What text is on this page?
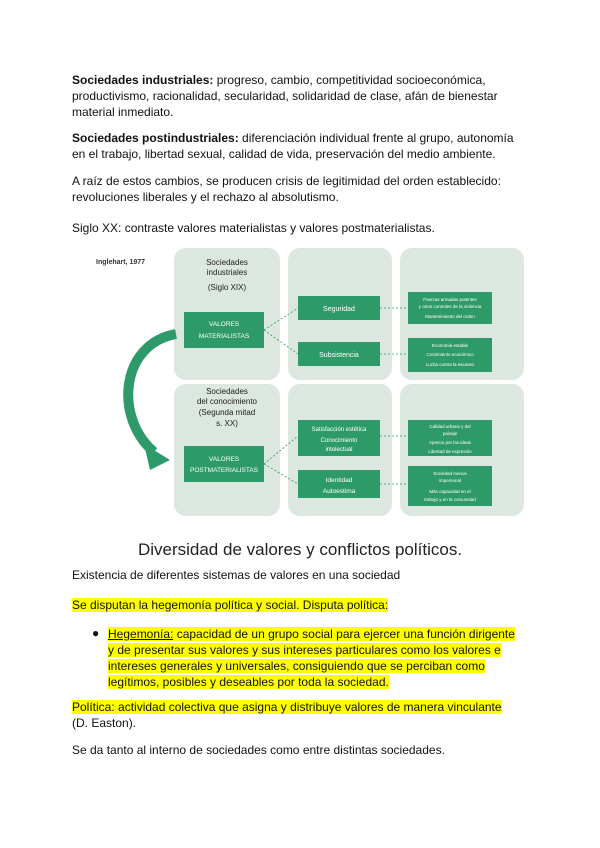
Sociedades industriales: progreso, cambio, competitividad socioeconómica, productivismo, racionalidad, secularidad, solidaridad de clase, afán de bienestar material inmediato.
Sociedades postindustriales: diferenciación individual frente al grupo, autonomía en el trabajo, libertad sexual, calidad de vida, preservación del medio ambiente.
A raíz de estos cambios, se producen crisis de legitimidad del orden establecido: revoluciones liberales y el rechazo al absolutismo.
Siglo XX: contraste valores materialistas y valores postmaterialistas.
Inglehart, 1977	Sociedades
industriales
(Siglo XIX)
Sociedades
del conocimiento
(Segunda mitad
s. XX)
VALORES
MATERIALISTAS
VALORES
POSTMATERIALISTAS
Seguridad
Subsistencia
Satisfacción estética
Conocimiento
intelectual
Identidad
Autoestima
Fuerzas armadas potentes
y otros controles de la violencia
Mantenimiento del orden
Economía estable
Crecimiento económico
Lucha contra la escasez
Calidad urbana y del
paisaje
Aprecio por las ideas
Libertad de expresión
Sociedad menos
impersonal
Más capacidad en el
trabajo y en la comunidad
Diversidad de valores y conflictos políticos.
Existencia de diferentes sistemas de valores en una sociedad
Se disputan la hegemonía política y social. Disputa política:
● Hegemonía: capacidad de un grupo social para ejercer una función dirigente y de presentar sus valores y sus intereses particulares como los valores e intereses generales y universales, consiguiendo que se perciban como legítimos, posibles y deseables por toda la sociedad.
Política: actividad colectiva que asigna y distribuye valores de manera vinculante (D. Easton).
Se da tanto al interno de sociedades como entre distintas sociedades.
